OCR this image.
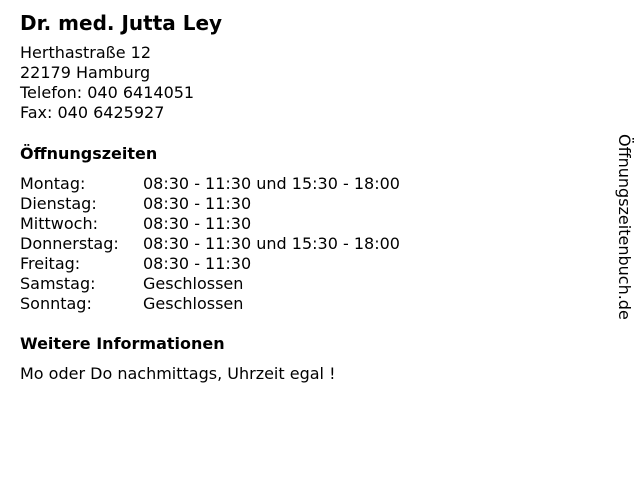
Dr. med. Jutta Ley
Herthastraße 12
22179 Hamburg
Telefon: 040 6414051
Fax: 040 6425927
Öffnungszeiten
Montag:	08:30 - 11:30 und 15:30 - 18:00
Dienstag:	08:30 - 11:30
Mittwoch:	08:30 - 11:30
Donnerstag:	08:30 - 11:30 und 15:30 - 18:00
Freitag:	08:30 - 11:30
Samstag:	Geschlossen
Sonntag:	Geschlossen
Weitere Informationen
Mo oder Do nachmittags, Uhrzeit egal !
Öffnungszeitenbuch.de
